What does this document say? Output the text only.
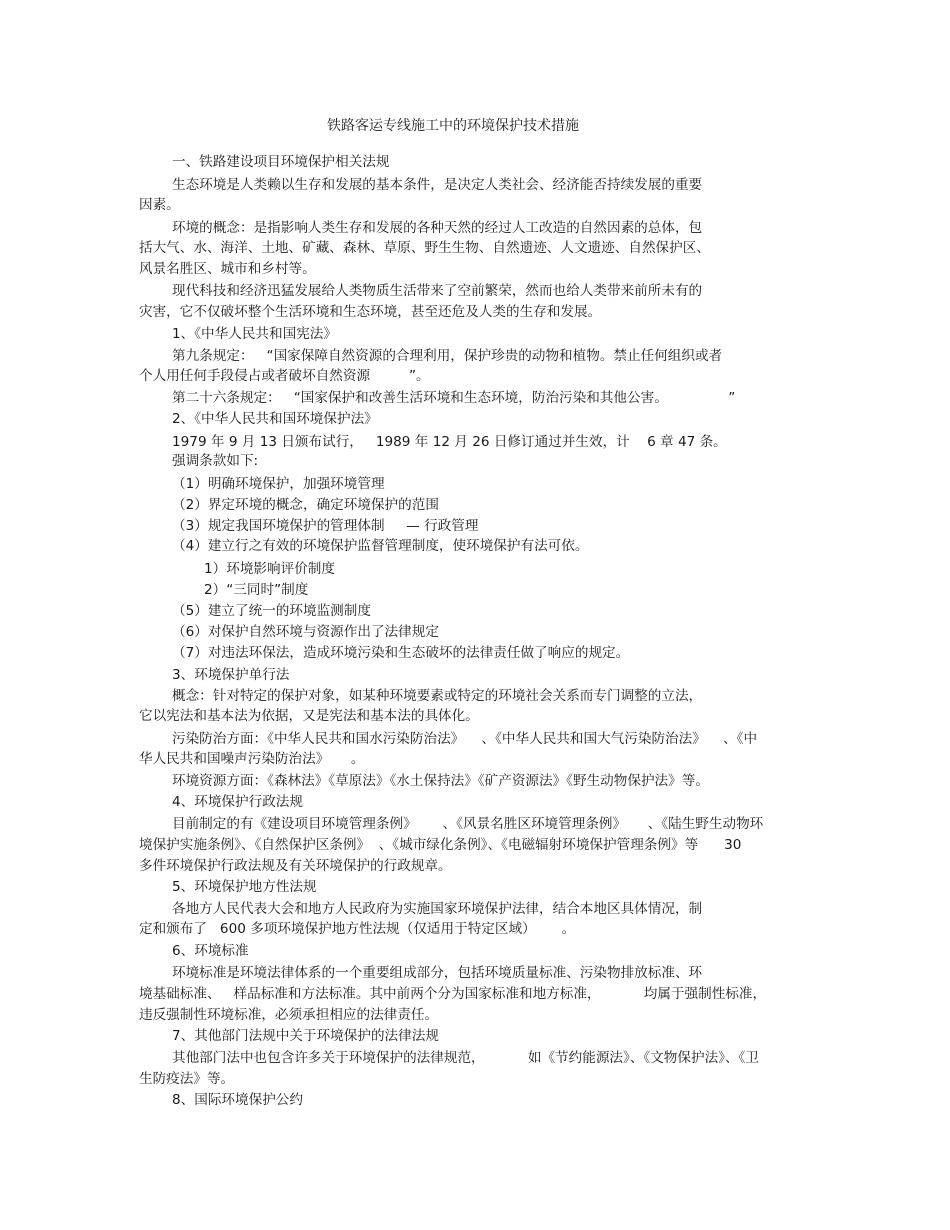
铁路客运专线施工中的环境保护技术措施
一、铁路建设项目环境保护相关法规
生态环境是人类赖以生存和发展的基本条件，是决定人类社会、经济能否持续发展的重要
因素。
环境的概念：是指影响人类生存和发展的各种天然的经过人工改造的自然因素的总体，包
括大气、水、海洋、土地、矿藏、森林、草原、野生生物、自然遗迹、人文遗迹、自然保护区、
风景名胜区、城市和乡村等。
现代科技和经济迅猛发展给人类物质生活带来了空前繁荣，然而也给人类带来前所未有的
灾害，它不仅破坏整个生活环境和生态环境，甚至还危及人类的生存和发展。
1、《中华人民共和国宪法》
第九条规定：   “国家保障自然资源的合理利用，保护珍贵的动物和植物。禁止任何组织或者
个人用任何手段侵占或者破坏自然资源         ”。
第二十六条规定：   “国家保护和改善生活环境和生态环境，防治污染和其他公害。              ”
2、《中华人民共和国环境保护法》
1979 年 9 月 13 日颁布试行，   1989 年 12 月 26 日修订通过并生效，计    6 章 47 条。
强调条款如下:
（1）明确环境保护，加强环境管理
（2）界定环境的概念，确定环境保护的范围
（3）规定我国环境保护的管理体制     — 行政管理
（4）建立行之有效的环境保护监督管理制度，使环境保护有法可依。
1）环境影响评价制度
2）“三同时”制度
（5）建立了统一的环境监测制度
（6）对保护自然环境与资源作出了法律规定
（7）对违法环保法，造成环境污染和生态破坏的法律责任做了响应的规定。
3、环境保护单行法
概念：针对特定的保护对象，如某种环境要素或特定的环境社会关系而专门调整的立法，
它以宪法和基本法为依据，又是宪法和基本法的具体化。
污染防治方面：《中华人民共和国水污染防治法》    、《中华人民共和国大气污染防治法》    、《中
华人民共和国噪声污染防治法》     。
环境资源方面：《森林法》《草原法》《水土保持法》《矿产资源法》《野生动物保护法》等。
4、环境保护行政法规
目前制定的有《建设项目环境管理条例》      、《风景名胜区环境管理条例》     、《陆生野生动物环
境保护实施条例》、《自然保护区条例》  、《城市绿化条例》、《电磁辐射环境保护管理条例》等      30
多件环境保护行政法规及有关环境保护的行政规章。
5、环境保护地方性法规
各地方人民代表大会和地方人民政府为实施国家环境保护法律，结合本地区具体情况，制
定和颁布了   600 多项环境保护地方性法规（仅适用于特定区域）      。
6、环境标准
环境标准是环境法律体系的一个重要组成部分，包括环境质量标准、污染物排放标准、环
境基础标准、   样品标准和方法标准。其中前两个分为国家标准和地方标准，          均属于强制性标准，
违反强制性环境标准，必须承担相应的法律责任。
7、其他部门法规中关于环境保护的法律法规
其他部门法中也包含许多关于环境保护的法律规范，          如《节约能源法》、《文物保护法》、《卫
生防疫法》等。
8、国际环境保护公约
